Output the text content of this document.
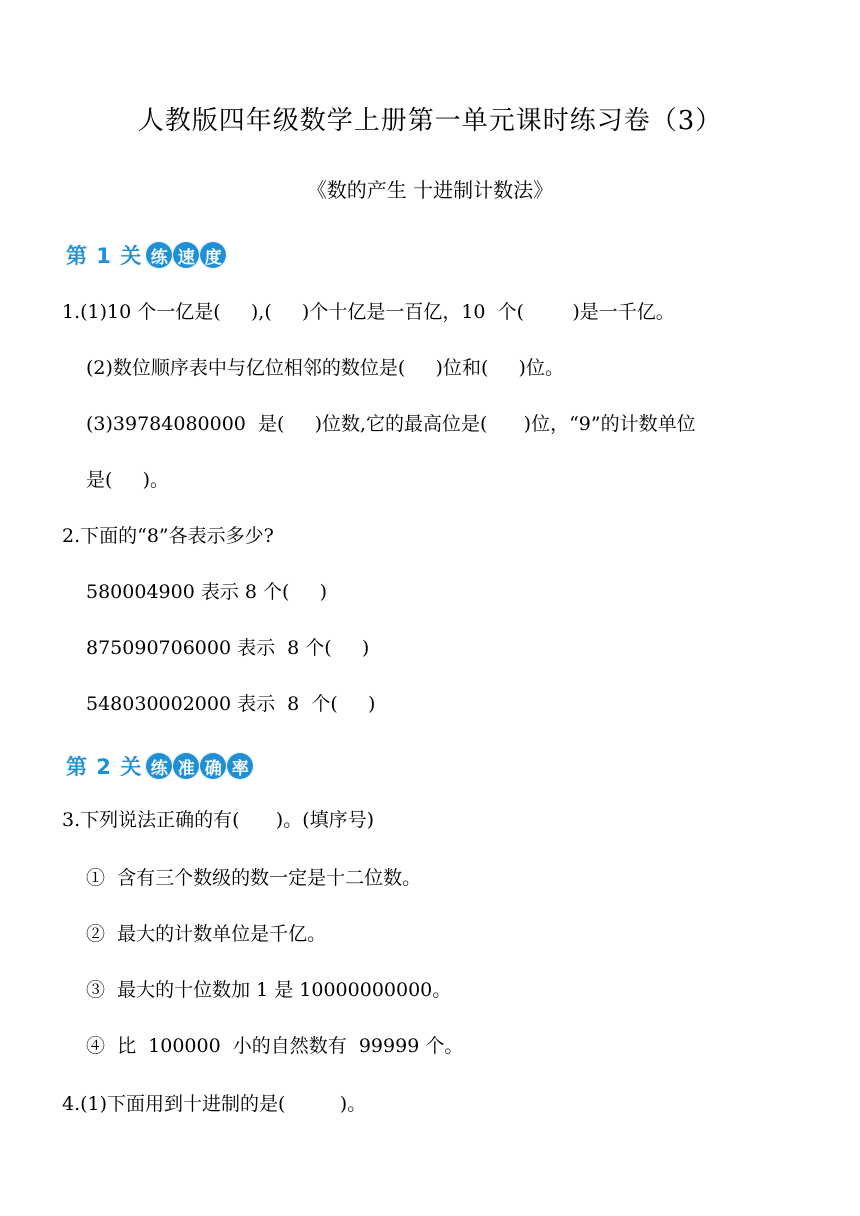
人教版四年级数学上册第一单元课时练习卷（3）
《数的产生 十进制计数法》
第 1 关 练 速 度
1.(1)10 个一亿是(     ),(     )个十亿是一百亿，10  个(        )是一千亿。
(2)数位顺序表中与亿位相邻的数位是(     )位和(     )位。
(3)39784080000  是(     )位数,它的最高位是(      )位，“9”的计数单位
是(     )。
2.下面的“8”各表示多少?
580004900 表示 8 个(     )
875090706000 表示  8 个(     )
548030002000 表示  8  个(     )
第 2 关 练 准 确 率
3.下列说法正确的有(      )。(填序号)
①  含有三个数级的数一定是十二位数。
②  最大的计数单位是千亿。
③  最大的十位数加 1 是 10000000000。
④  比  100000  小的自然数有  99999 个。
4.(1)下面用到十进制的是(         )。
